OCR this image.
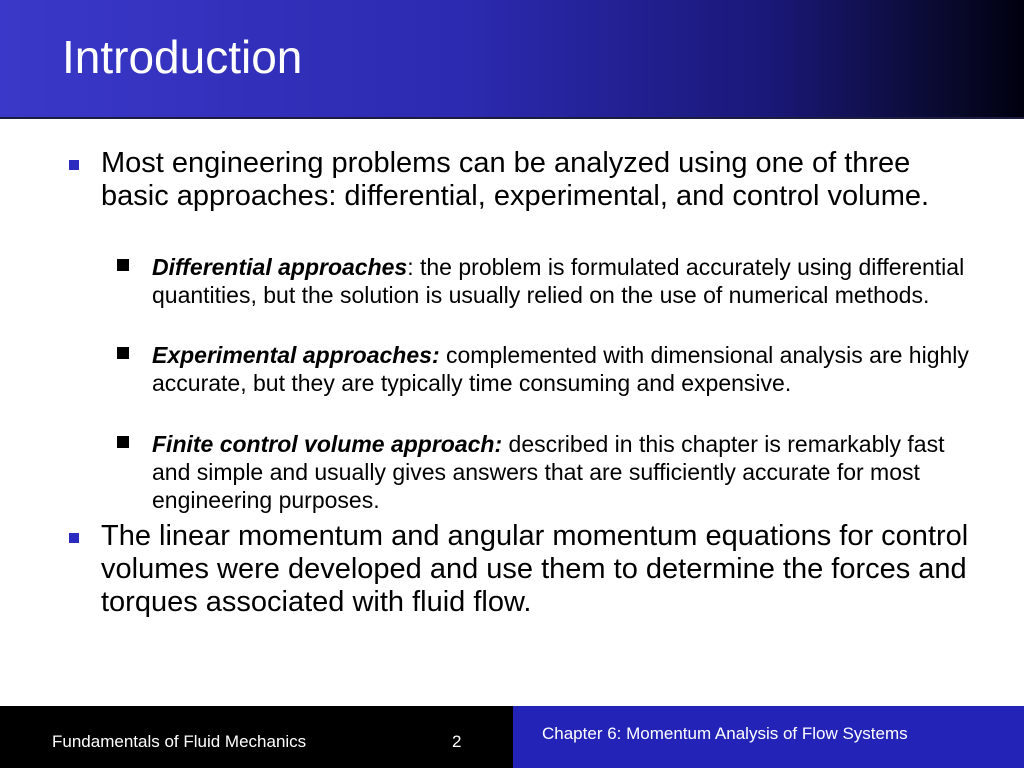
Introduction
Most engineering problems can be analyzed using one of three basic approaches: differential, experimental, and control volume.
Differential approaches: the problem is formulated accurately using differential quantities, but the solution is usually relied on the use of numerical methods.
Experimental approaches: complemented with dimensional analysis are highly accurate, but they are typically time consuming and expensive.
Finite control volume approach: described in this chapter is remarkably fast and simple and usually gives answers that are sufficiently accurate for most engineering purposes.
The linear momentum and angular momentum equations for control volumes were developed and use them to determine the forces and torques associated with fluid flow.
Fundamentals of Fluid Mechanics	2	Chapter 6: Momentum Analysis of Flow Systems
